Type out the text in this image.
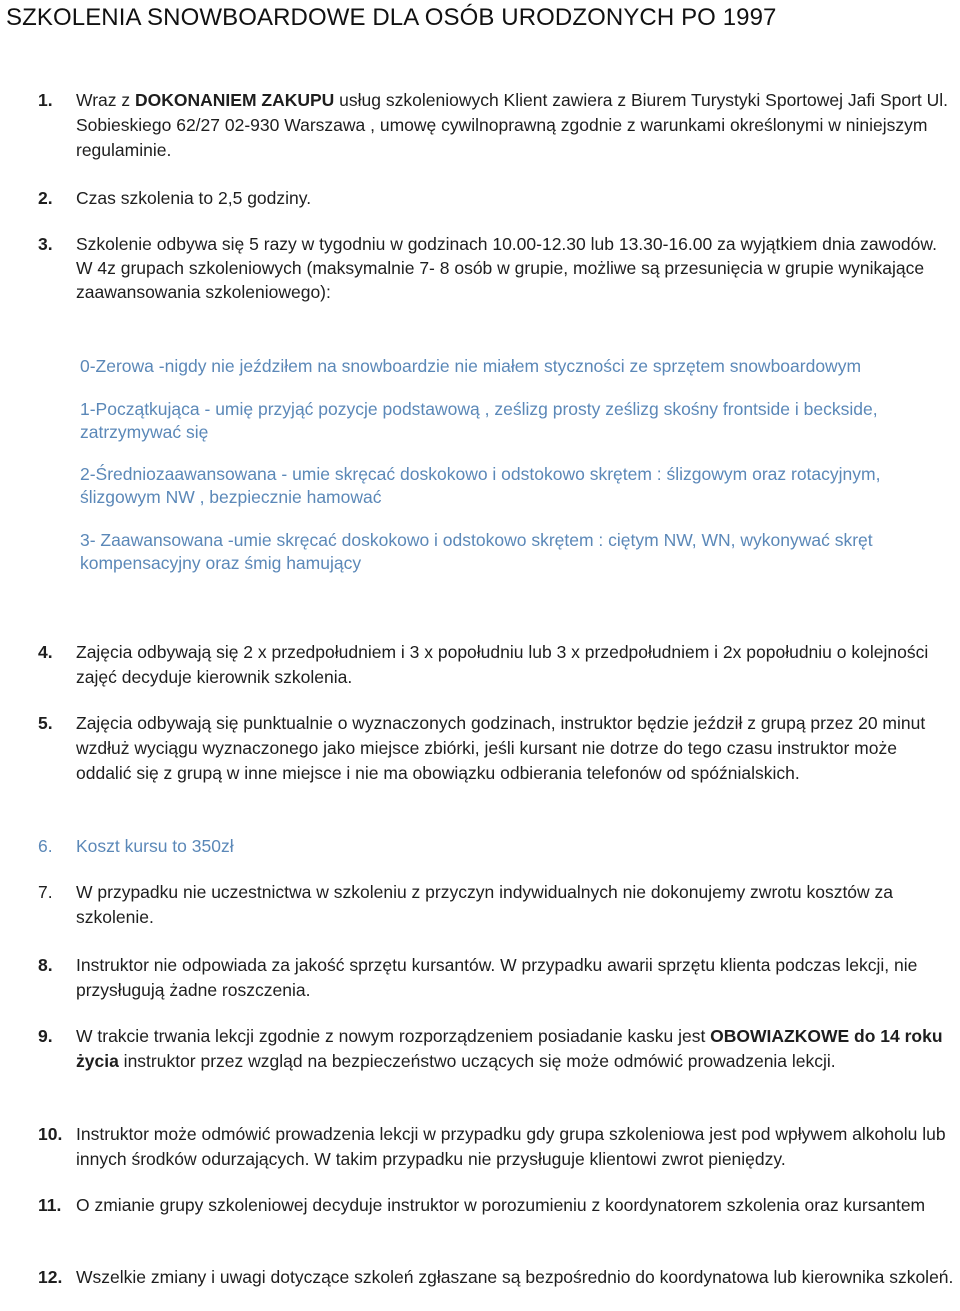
SZKOLENIA SNOWBOARDOWE DLA OSÓB URODZONYCH PO 1997
1. Wraz z DOKONANIEM ZAKUPU usług szkoleniowych Klient zawiera z Biurem Turystyki Sportowej Jafi Sport Ul. Sobieskiego 62/27 02-930 Warszawa , umowę cywilnoprawną zgodnie z warunkami określonymi w niniejszym regulaminie.
2. Czas szkolenia to 2,5 godziny.
3. Szkolenie odbywa się 5 razy w tygodniu w godzinach 10.00-12.30 lub 13.30-16.00 za wyjątkiem dnia zawodów. W 4z grupach szkoleniowych (maksymalnie 7- 8 osób w grupie, możliwe są przesunięcia w grupie wynikające zaawansowania szkoleniowego):
0-Zerowa -nigdy nie jeździłem na snowboardzie nie miałem styczności ze sprzętem snowboardowym
1-Początkująca - umię przyjąć pozycje podstawową , ześlizg prosty ześlizg skośny frontside i beckside, zatrzymywać się
2-Średniozaawansowana - umie skręcać doskokowo i odstokowo skrętem : ślizgowym oraz rotacyjnym, ślizgowym NW , bezpiecznie hamować
3- Zaawansowana -umie skręcać doskokowo i odstokowo skrętem : ciętym NW, WN, wykonywać skręt kompensacyjny oraz śmig hamujący
4. Zajęcia odbywają się 2 x przedpołudniem i 3 x popołudniu lub 3 x przedpołudniem i 2x popołudniu o kolejności zajęć decyduje kierownik szkolenia.
5. Zajęcia odbywają się punktualnie o wyznaczonych godzinach, instruktor będzie jeździł z grupą przez 20 minut wzdłuż wyciągu wyznaczonego jako miejsce zbiórki, jeśli kursant nie dotrze do tego czasu instruktor może oddalić się z grupą w inne miejsce i nie ma obowiązku odbierania telefonów od spóźnialskich.
6. Koszt kursu to 350zł
7. W przypadku nie uczestnictwa w szkoleniu z przyczyn indywidualnych nie dokonujemy zwrotu kosztów za szkolenie.
8. Instruktor nie odpowiada za jakość sprzętu kursantów. W przypadku awarii sprzętu klienta podczas lekcji, nie przysługują żadne roszczenia.
9. W trakcie trwania lekcji zgodnie z nowym rozporządzeniem posiadanie kasku jest OBOWIAZKOWE do 14 roku życia instruktor przez wzgląd na bezpieczeństwo uczących się może odmówić prowadzenia lekcji.
10. Instruktor może odmówić prowadzenia lekcji w przypadku gdy grupa szkoleniowa jest pod wpływem alkoholu lub innych środków odurzających. W takim przypadku nie przysługuje klientowi zwrot pieniędzy.
11. O zmianie grupy szkoleniowej decyduje instruktor w porozumieniu z koordynatorem szkolenia oraz kursantem
12. Wszelkie zmiany i uwagi dotyczące szkoleń zgłaszane są bezpośrednio do koordynatowa lub kierownika szkoleń.
